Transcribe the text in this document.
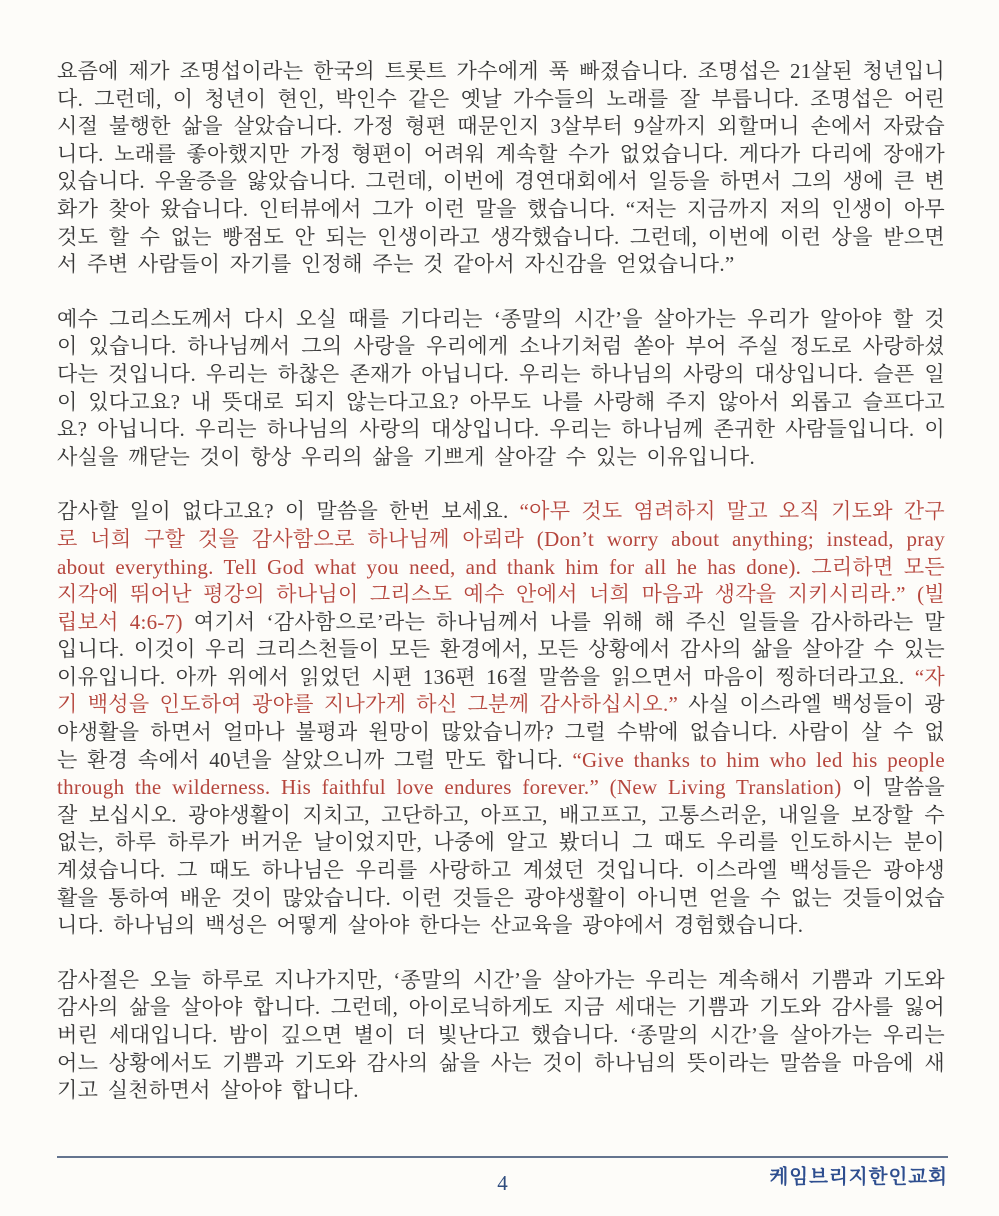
요즘에 제가 조명섭이라는 한국의 트롯트 가수에게 푹 빠졌습니다. 조명섭은 21살된 청년입니다. 그런데, 이 청년이 현인, 박인수 같은 옛날 가수들의 노래를 잘 부릅니다. 조명섭은 어린 시절 불행한 삶을 살았습니다. 가정 형편 때문인지 3살부터 9살까지 외할머니 손에서 자랐습니다. 노래를 좋아했지만 가정 형편이 어려워 계속할 수가 없었습니다. 게다가 다리에 장애가 있습니다. 우울증을 앓았습니다. 그런데, 이번에 경연대회에서 일등을 하면서 그의 생에 큰 변화가 찾아 왔습니다. 인터뷰에서 그가 이런 말을 했습니다. “저는 지금까지 저의 인생이 아무 것도 할 수 없는 빵점도 안 되는 인생이라고 생각했습니다. 그런데, 이번에 이런 상을 받으면서 주변 사람들이 자기를 인정해 주는 것 같아서 자신감을 얻었습니다.”

예수 그리스도께서 다시 오실 때를 기다리는 ‘종말의 시간’을 살아가는 우리가 알아야 할 것이 있습니다. 하나님께서 그의 사랑을 우리에게 소나기처럼 쏟아 부어 주실 정도로 사랑하셨다는 것입니다. 우리는 하찮은 존재가 아닙니다. 우리는 하나님의 사랑의 대상입니다. 슬픈 일이 있다고요? 내 뜻대로 되지 않는다고요? 아무도 나를 사랑해 주지 않아서 외롭고 슬프다고요? 아닙니다. 우리는 하나님의 사랑의 대상입니다. 우리는 하나님께 존귀한 사람들입니다. 이 사실을 깨닫는 것이 항상 우리의 삶을 기쁘게 살아갈 수 있는 이유입니다.

감사할 일이 없다고요? 이 말씀을 한번 보세요. “아무 것도 염려하지 말고 오직 기도와 간구로 너희 구할 것을 감사함으로 하나님께 아뢰라 (Don’t worry about anything; instead, pray about everything. Tell God what you need, and thank him for all he has done). 그리하면 모든 지각에 뛰어난 평강의 하나님이 그리스도 예수 안에서 너희 마음과 생각을 지키시리라.” (빌립보서 4:6-7) 여기서 ‘감사함으로’라는 하나님께서 나를 위해 해 주신 일들을 감사하라는 말입니다. 이것이 우리 크리스천들이 모든 환경에서, 모든 상황에서 감사의 삶을 살아갈 수 있는 이유입니다. 아까 위에서 읽었던 시편 136편 16절 말씀을 읽으면서 마음이 찡하더라고요. “자기 백성을 인도하여 광야를 지나가게 하신 그분께 감사하십시오.” 사실 이스라엘 백성들이 광야생활을 하면서 얼마나 불평과 원망이 많았습니까? 그럴 수밖에 없습니다. 사람이 살 수 없는 환경 속에서 40년을 살았으니까 그럴 만도 합니다. “Give thanks to him who led his people through the wilderness. His faithful love endures forever.” (New Living Translation) 이 말씀을 잘 보십시오. 광야생활이 지치고, 고단하고, 아프고, 배고프고, 고통스러운, 내일을 보장할 수 없는, 하루 하루가 버거운 날이었지만, 나중에 알고 봤더니 그 때도 우리를 인도하시는 분이 계셨습니다. 그 때도 하나님은 우리를 사랑하고 계셨던 것입니다. 이스라엘 백성들은 광야생활을 통하여 배운 것이 많았습니다. 이런 것들은 광야생활이 아니면 얻을 수 없는 것들이었습니다. 하나님의 백성은 어떻게 살아야 한다는 산교육을 광야에서 경험했습니다.

감사절은 오늘 하루로 지나가지만, ‘종말의 시간’을 살아가는 우리는 계속해서 기쁨과 기도와 감사의 삶을 살아야 합니다. 그런데, 아이로닉하게도 지금 세대는 기쁨과 기도와 감사를 잃어버린 세대입니다. 밤이 깊으면 별이 더 빛난다고 했습니다. ‘종말의 시간’을 살아가는 우리는 어느 상황에서도 기쁨과 기도와 감사의 삶을 사는 것이 하나님의 뜻이라는 말씀을 마음에 새기고 실천하면서 살아야 합니다.

케임브리지한인교회
4
